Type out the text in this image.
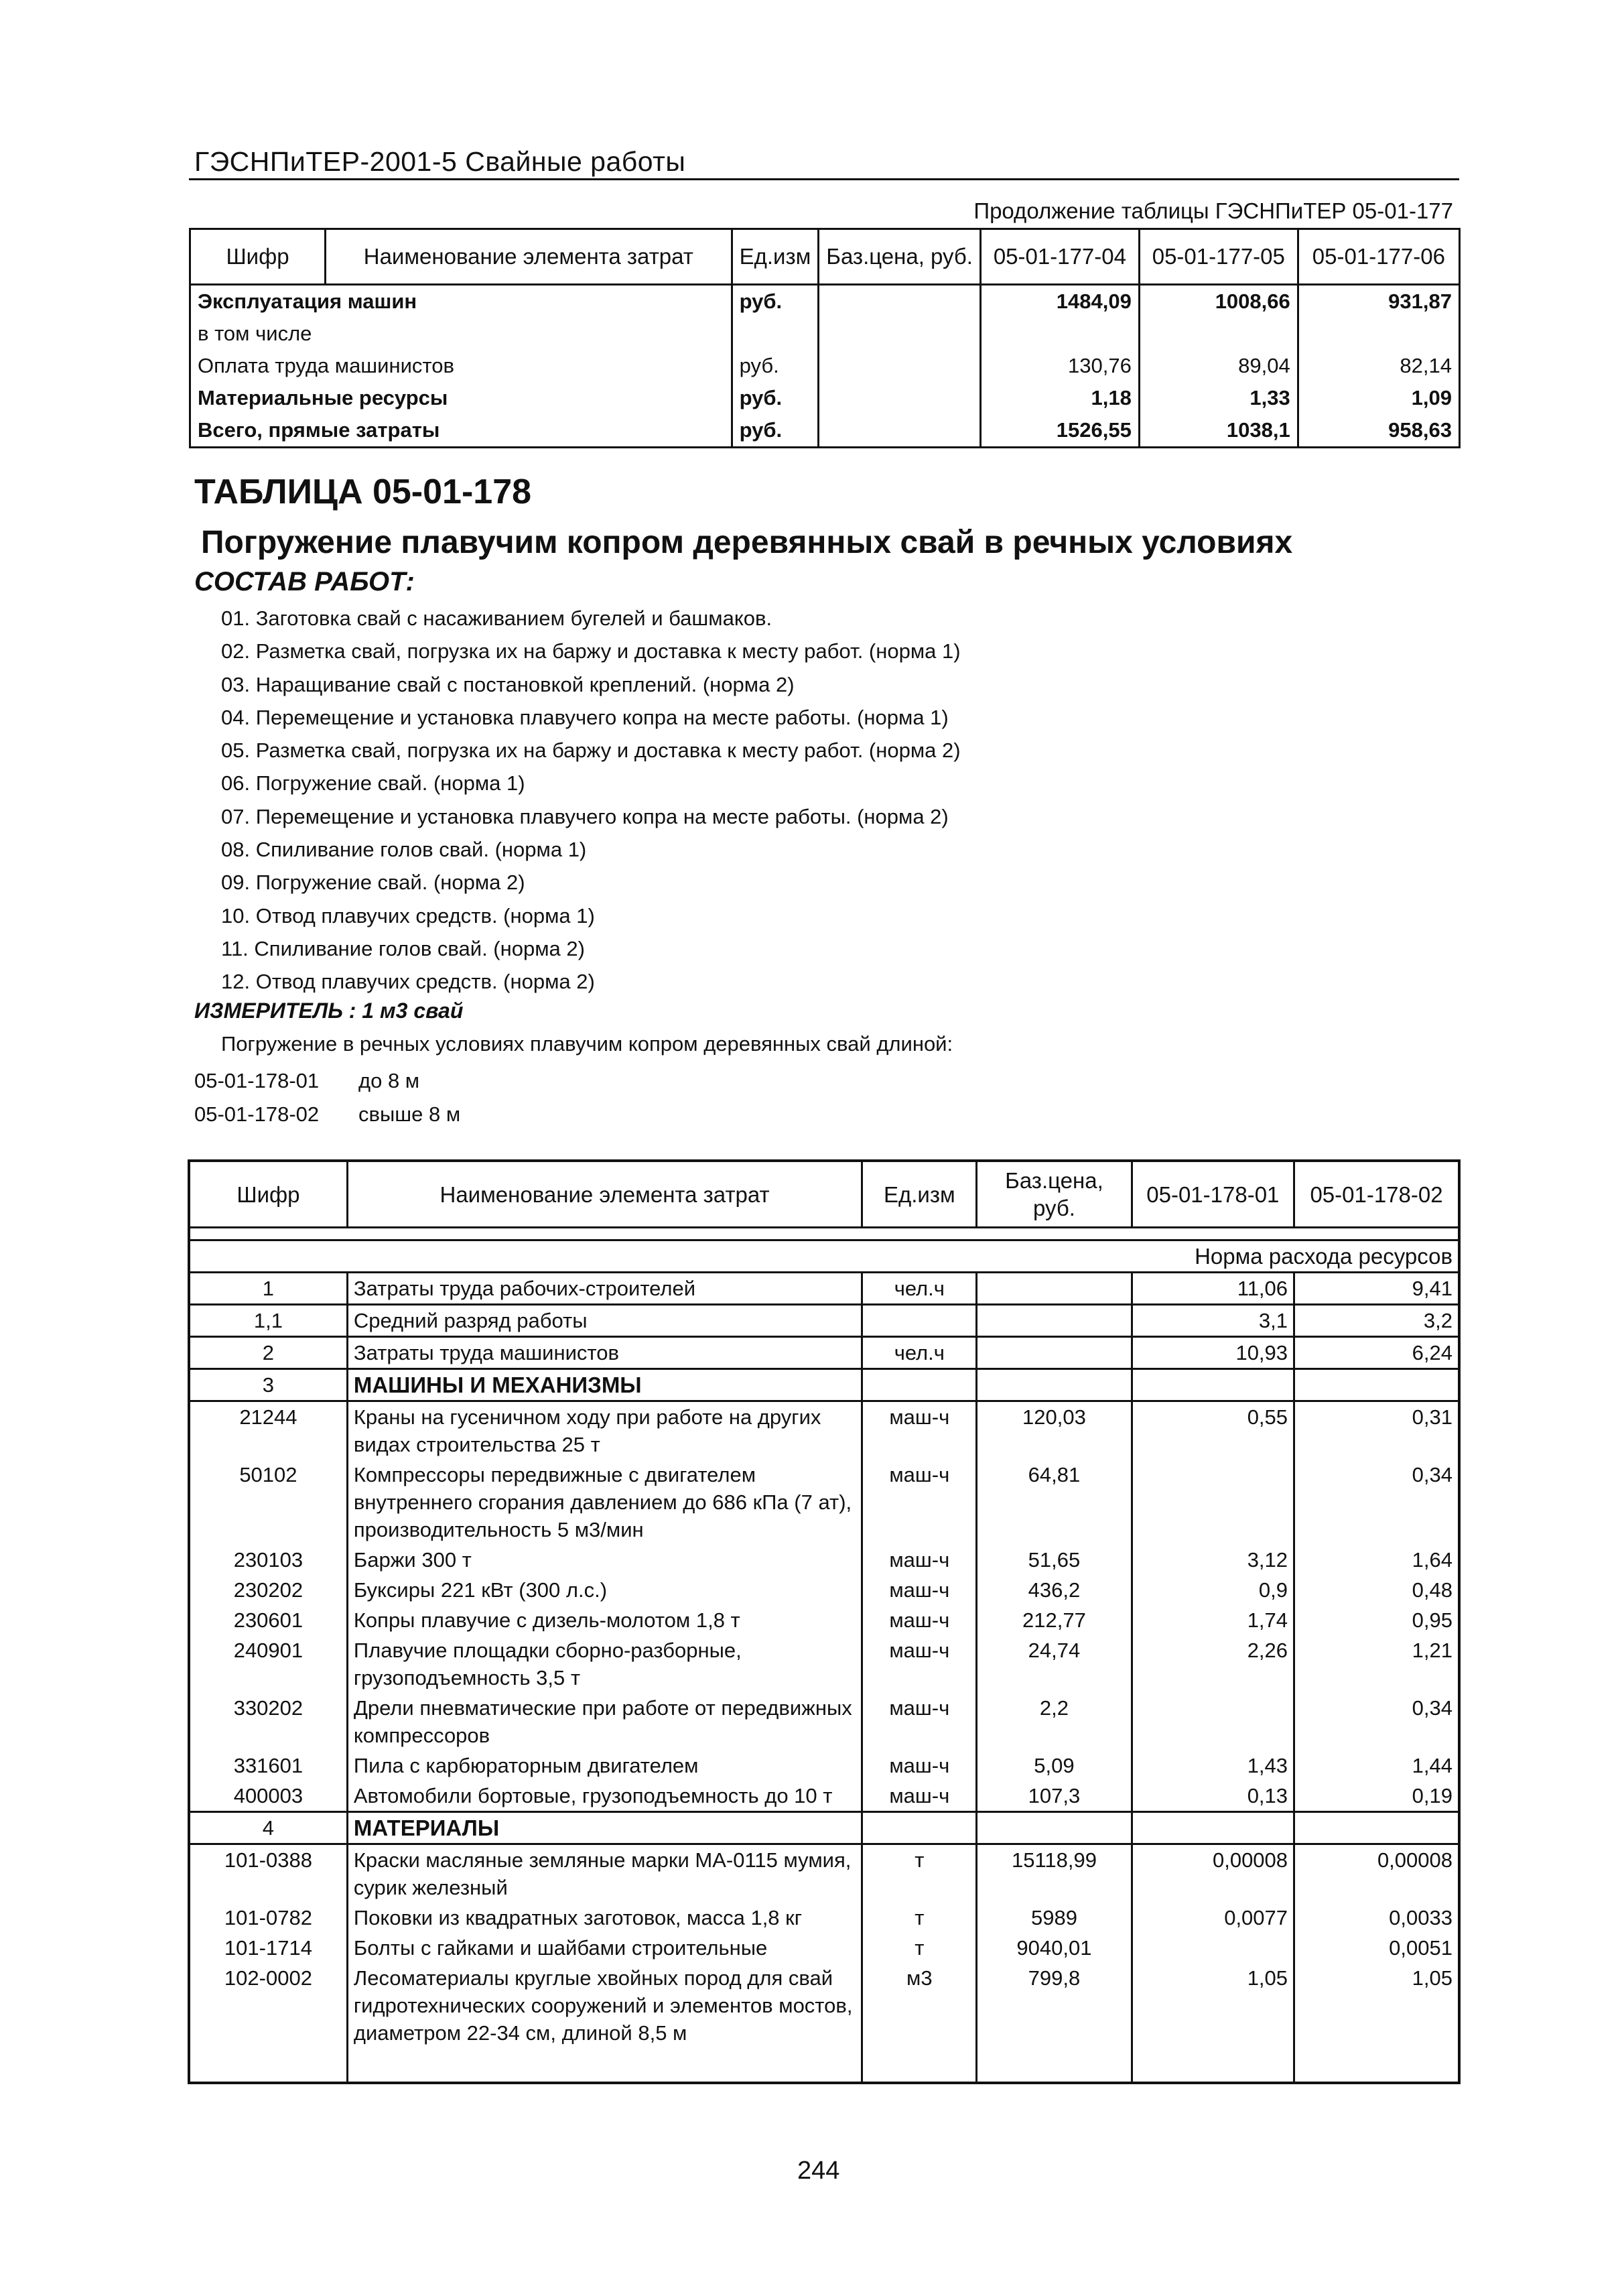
ГЭСНПиТЕР-2001-5 Свайные работы
Продолжение таблицы ГЭСНПиТЕР 05-01-177
Шифр	Наименование элемента затрат	Ед.изм	Баз.цена, руб.	05-01-177-04	05-01-177-05	05-01-177-06
Эксплуатация машин		руб.		1484,09	1008,66	931,87
в том числе						
Оплата труда машинистов		руб.		130,76	89,04	82,14
Материальные ресурсы		руб.		1,18	1,33	1,09
Всего, прямые затраты		руб.		1526,55	1038,1	958,63
ТАБЛИЦА 05-01-178
Погружение плавучим копром деревянных свай в речных условиях
СОСТАВ РАБОТ:
01. Заготовка свай с насаживанием бугелей и башмаков.
02. Разметка свай, погрузка их на баржу и доставка к месту работ. (норма 1)
03. Наращивание свай с постановкой креплений. (норма 2)
04. Перемещение и установка плавучего копра на месте работы. (норма 1)
05. Разметка свай, погрузка их на баржу и доставка к месту работ. (норма 2)
06. Погружение свай. (норма 1)
07. Перемещение и установка плавучего копра на месте работы. (норма 2)
08. Спиливание голов свай. (норма 1)
09. Погружение свай. (норма 2)
10. Отвод плавучих средств. (норма 1)
11. Спиливание голов свай. (норма 2)
12. Отвод плавучих средств. (норма 2)
ИЗМЕРИТЕЛЬ : 1 м3 свай
Погружение в речных условиях плавучим копром деревянных свай длиной:
05-01-178-01 до 8 м
05-01-178-02 свыше 8 м
Шифр	Наименование элемента затрат	Ед.изм	Баз.цена, руб.	05-01-178-01	05-01-178-02

Норма расхода ресурсов					
1	Затраты труда рабочих-строителей	чел.ч		11,06	9,41
1,1	Средний разряд работы			3,1	3,2
2	Затраты труда машинистов	чел.ч		10,93	6,24
3	МАШИНЫ И МЕХАНИЗМЫ				
21244	Краны на гусеничном ходу при работе на других видах строительства 25 т	маш-ч	120,03	0,55	0,31
50102	Компрессоры передвижные с двигателем внутреннего сгорания давлением до 686 кПа (7 ат), производительность 5 м3/мин	маш-ч	64,81		0,34
230103	Баржи 300 т	маш-ч	51,65	3,12	1,64
230202	Буксиры 221 кВт (300 л.с.)	маш-ч	436,2	0,9	0,48
230601	Копры плавучие с дизель-молотом 1,8 т	маш-ч	212,77	1,74	0,95
240901	Плавучие площадки сборно-разборные, грузоподъемность 3,5 т	маш-ч	24,74	2,26	1,21
330202	Дрели пневматические при работе от передвижных компрессоров	маш-ч	2,2		0,34
331601	Пила с карбюраторным двигателем	маш-ч	5,09	1,43	1,44
400003	Автомобили бортовые, грузоподъемность до 10 т	маш-ч	107,3	0,13	0,19
4	МАТЕРИАЛЫ				
101-0388	Краски масляные земляные марки МА-0115 мумия, сурик железный	т	15118,99	0,00008	0,00008
101-0782	Поковки из квадратных заготовок, масса 1,8 кг	т	5989	0,0077	0,0033
101-1714	Болты с гайками и шайбами строительные	т	9040,01		0,0051
102-0002	Лесоматериалы круглые хвойных пород для свай гидротехнических сооружений и элементов мостов, диаметром 22-34 см, длиной 8,5 м	м3	799,8	1,05	1,05

244
